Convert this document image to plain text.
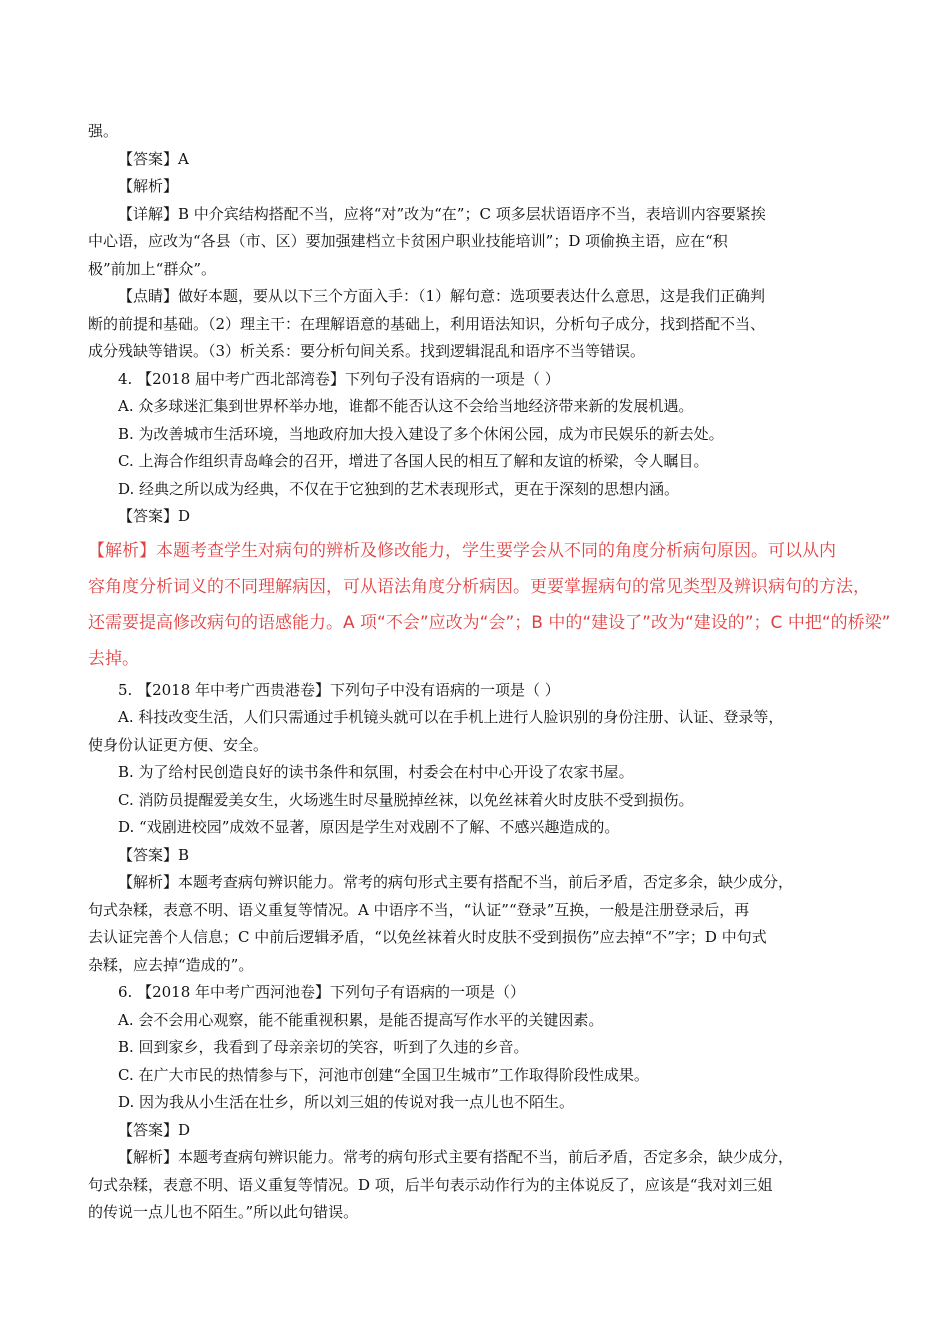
强。
【答案】A
【解析】
【详解】B 中介宾结构搭配不当，应将“对”改为“在”；C 项多层状语语序不当，表培训内容要紧挨
中心语，应改为“各县（市、区）要加强建档立卡贫困户职业技能培训”；D 项偷换主语，应在“积
极”前加上“群众”。
【点睛】做好本题，要从以下三个方面入手：（1）解句意：选项要表达什么意思，这是我们正确判
断的前提和基础。（2）理主干：在理解语意的基础上，利用语法知识，分析句子成分，找到搭配不当、
成分残缺等错误。（3）析关系：要分析句间关系。找到逻辑混乱和语序不当等错误。
4. 【2018 届中考广西北部湾卷】下列句子没有语病的一项是（ ）
A. 众多球迷汇集到世界杯举办地，谁都不能否认这不会给当地经济带来新的发展机遇。
B. 为改善城市生活环境，当地政府加大投入建设了多个休闲公园，成为市民娱乐的新去处。
C. 上海合作组织青岛峰会的召开，增进了各国人民的相互了解和友谊的桥梁，令人瞩目。
D. 经典之所以成为经典，不仅在于它独到的艺术表现形式，更在于深刻的思想内涵。
【答案】D
【解析】本题考查学生对病句的辨析及修改能力，学生要学会从不同的角度分析病句原因。可以从内
容角度分析词义的不同理解病因，可从语法角度分析病因。更要掌握病句的常见类型及辨识病句的方法，
还需要提高修改病句的语感能力。A 项“不会”应改为“会”；B 中的“建设了”改为“建设的”；C 中把“的桥梁”
去掉。
5. 【2018 年中考广西贵港卷】下列句子中没有语病的一项是（ ）
A. 科技改变生活，人们只需通过手机镜头就可以在手机上进行人脸识别的身份注册、认证、登录等，
使身份认证更方便、安全。
B. 为了给村民创造良好的读书条件和氛围，村委会在村中心开设了农家书屋。
C. 消防员提醒爱美女生，火场逃生时尽量脱掉丝袜，以免丝袜着火时皮肤不受到损伤。
D. “戏剧进校园”成效不显著，原因是学生对戏剧不了解、不感兴趣造成的。
【答案】B
【解析】本题考查病句辨识能力。常考的病句形式主要有搭配不当，前后矛盾，否定多余，缺少成分，
句式杂糅，表意不明、语义重复等情况。A 中语序不当，“认证”“登录”互换，一般是注册登录后，再
去认证完善个人信息；C 中前后逻辑矛盾，“以免丝袜着火时皮肤不受到损伤”应去掉“不”字；D 中句式
杂糅，应去掉“造成的”。
6. 【2018 年中考广西河池卷】下列句子有语病的一项是（）
A. 会不会用心观察，能不能重视积累，是能否提高写作水平的关键因素。
B. 回到家乡，我看到了母亲亲切的笑容，听到了久违的乡音。
C. 在广大市民的热情参与下，河池市创建“全国卫生城市”工作取得阶段性成果。
D. 因为我从小生活在壮乡，所以刘三姐的传说对我一点儿也不陌生。
【答案】D
【解析】本题考查病句辨识能力。常考的病句形式主要有搭配不当，前后矛盾，否定多余，缺少成分，
句式杂糅，表意不明、语义重复等情况。D 项，后半句表示动作行为的主体说反了，应该是“我对刘三姐
的传说一点儿也不陌生。”所以此句错误。
